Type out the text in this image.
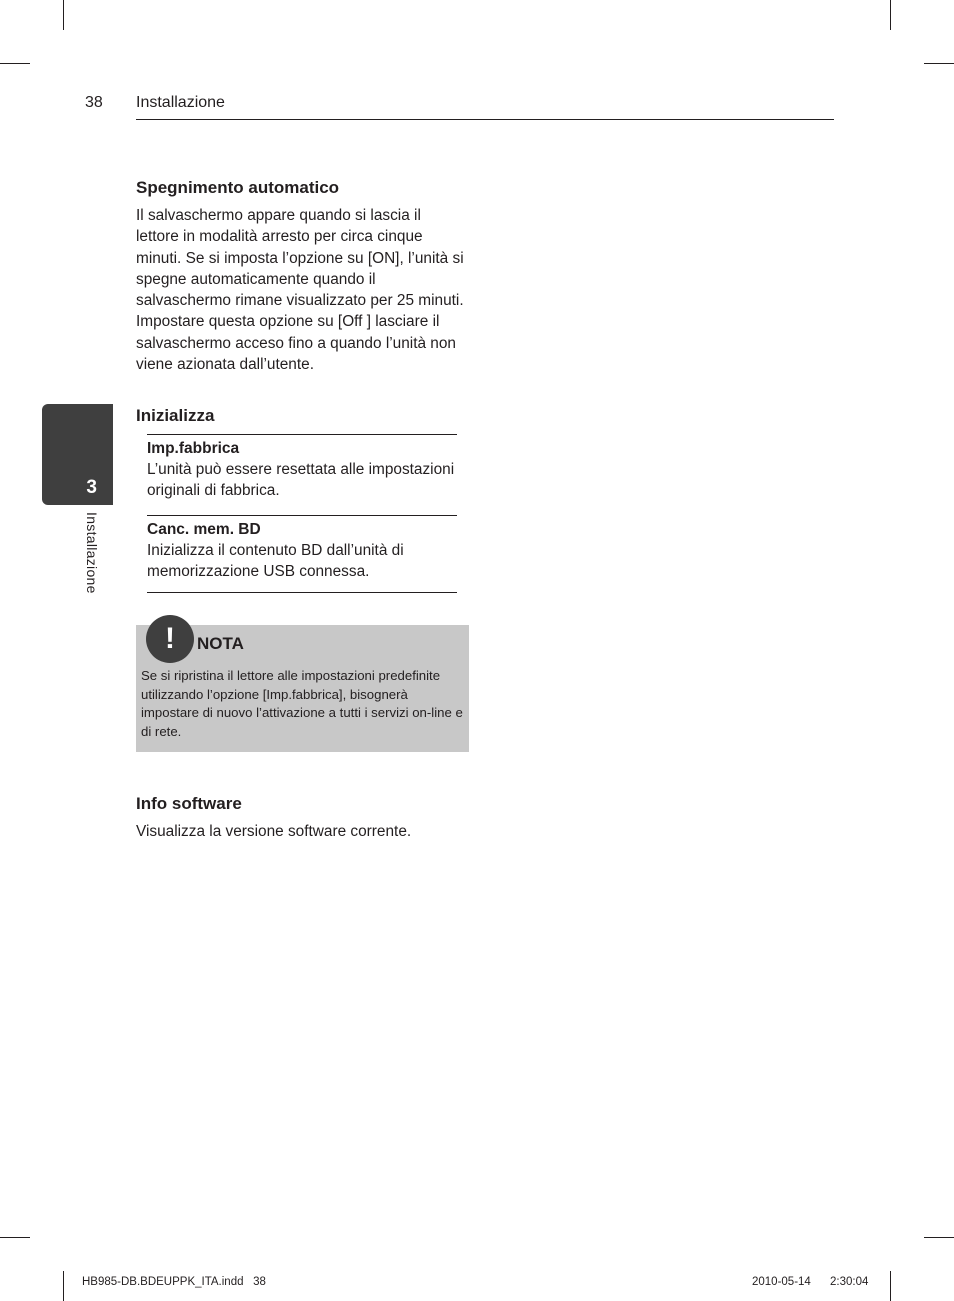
38 Installazione
3
Installazione
Spegnimento automatico

Il salvaschermo appare quando si lascia il lettore in modalità arresto per circa cinque minuti. Se si imposta l’opzione su [ON], l’unità si spegne automaticamente quando il salvaschermo rimane visualizzato per 25 minuti. Impostare questa opzione su [Off ] lasciare il salvaschermo acceso fino a quando l’unità non viene azionata dall’utente.

Inizializza
Imp.fabbrica
L’unità può essere resettata alle impostazioni originali di fabbrica.
Canc. mem. BD
Inizializza il contenuto BD dall’unità di memorizzazione USB connessa.
!	NOTA
Se si ripristina il lettore alle impostazioni predefinite utilizzando l’opzione [Imp.fabbrica], bisognerà impostare di nuovo l’attivazione a tutti i servizi on-line e di rete.
Info software

Visualizza la versione software corrente.

HB985-DB.BDEUPPK_ITA.indd   38	2010-05-14      2:30:04
